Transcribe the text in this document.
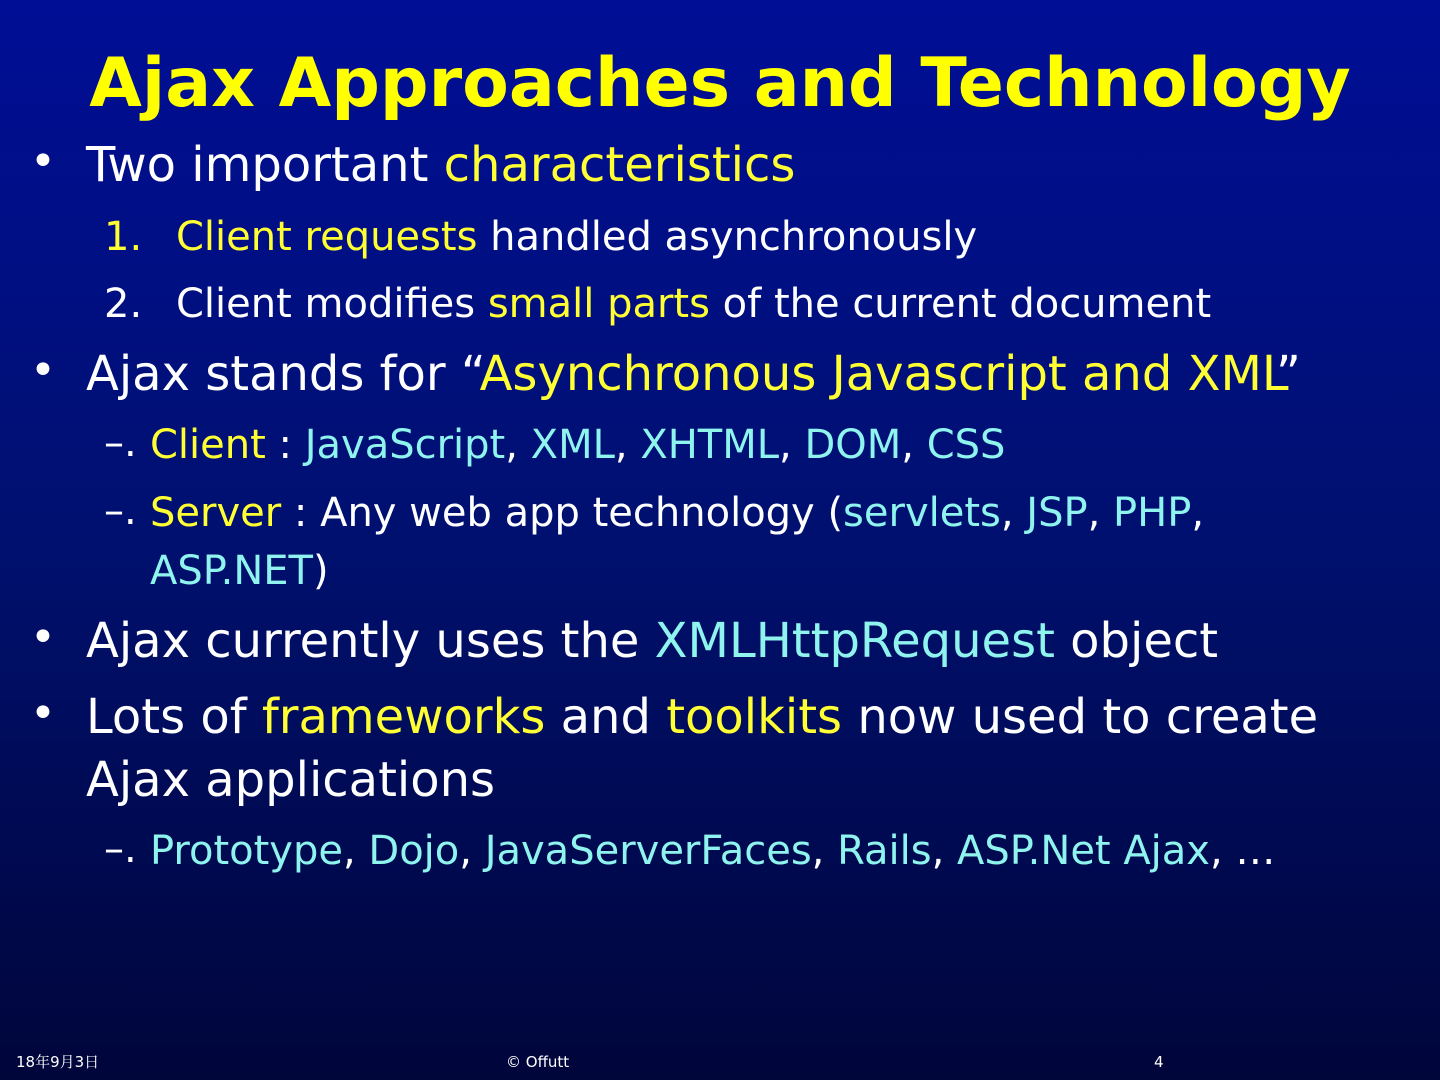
Ajax Approaches and Technology
• Two important characteristics
1. Client requests handled asynchronously
2. Client modifies small parts of the current document
• Ajax stands for “Asynchronous Javascript and XML”
–. Client : JavaScript, XML, XHTML, DOM, CSS
–. Server : Any web app technology (servlets, JSP, PHP,
ASP.NET)
• Ajax currently uses the XMLHttpRequest object
• Lots of frameworks and toolkits now used to create
Ajax applications
–. Prototype, Dojo, JavaServerFaces, Rails, ASP.Net Ajax, …
18年9月3日	© Offutt	4
